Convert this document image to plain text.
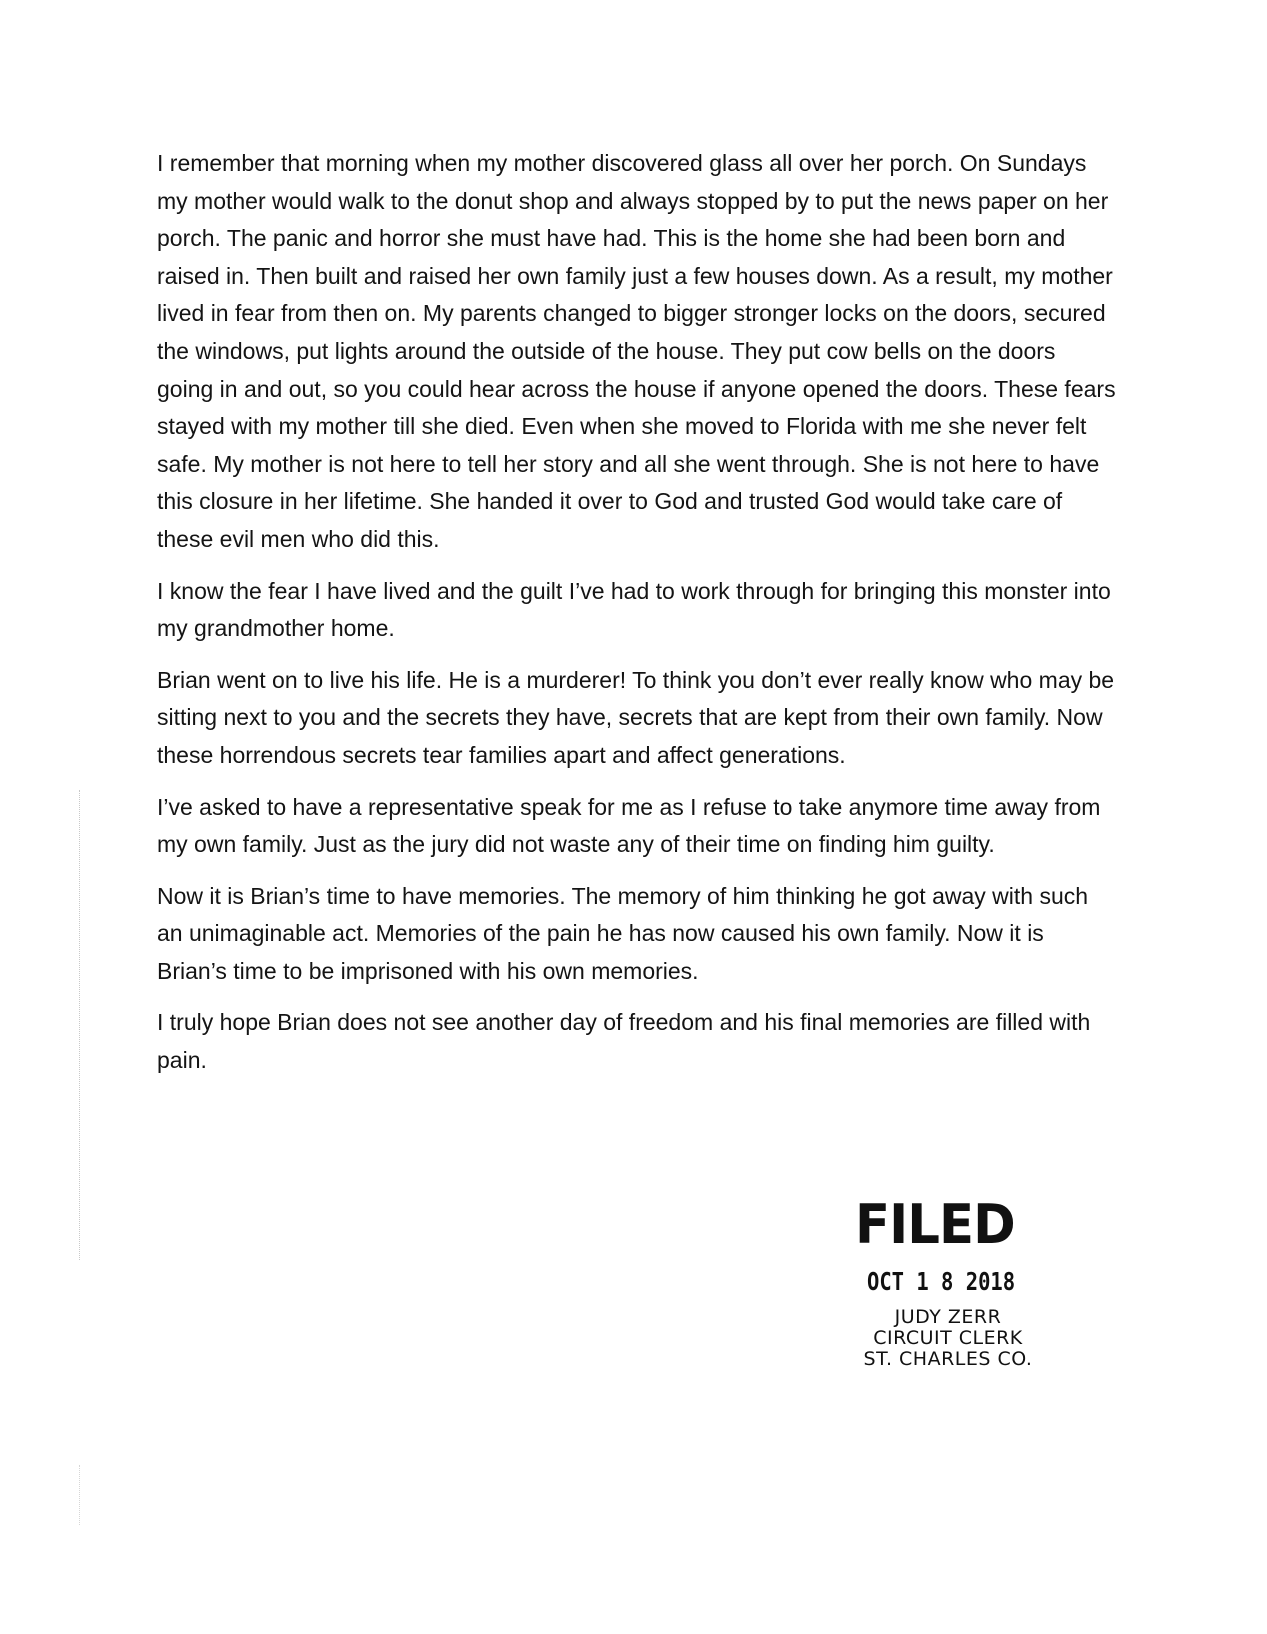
I remember that morning when my mother discovered glass all over her porch. On Sundays my mother would walk to the donut shop and always stopped by to put the news paper on her porch. The panic and horror she must have had. This is the home she had been born and raised in. Then built and raised her own family just a few houses down. As a result, my mother lived in fear from then on. My parents changed to bigger stronger locks on the doors, secured the windows, put lights around the outside of the house. They put cow bells on the doors going in and out, so you could hear across the house if anyone opened the doors. These fears stayed with my mother till she died. Even when she moved to Florida with me she never felt safe. My mother is not here to tell her story and all she went through. She is not here to have this closure in her lifetime. She handed it over to God and trusted God would take care of these evil men who did this.

I know the fear I have lived and the guilt I’ve had to work through for bringing this monster into my grandmother home.

Brian went on to live his life. He is a murderer! To think you don’t ever really know who may be sitting next to you and the secrets they have, secrets that are kept from their own family. Now these horrendous secrets tear families apart and affect generations.

I’ve asked to have a representative speak for me as I refuse to take anymore time away from my own family. Just as the jury did not waste any of their time on finding him guilty.

Now it is Brian’s time to have memories. The memory of him thinking he got away with such an unimaginable act. Memories of the pain he has now caused his own family. Now it is Brian’s time to be imprisoned with his own memories.

I truly hope Brian does not see another day of freedom and his final memories are filled with pain.

FILED
OCT 1 8 2018
JUDY ZERR
CIRCUIT CLERK
ST. CHARLES CO.
